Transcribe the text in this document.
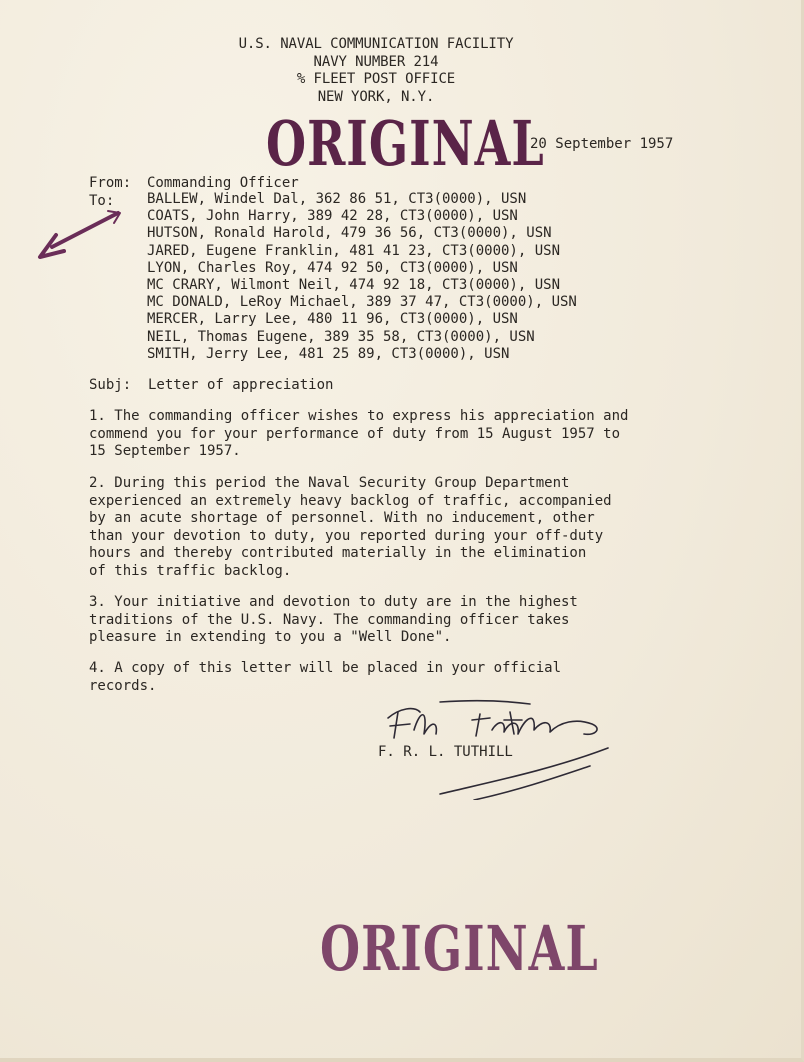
U.S. NAVAL COMMUNICATION FACILITY
NAVY NUMBER 214
% FLEET POST OFFICE
NEW YORK, N.Y.
ORIGINAL
20 September 1957
From: Commanding Officer
To: BALLEW, Windel Dal, 362 86 51, CT3(0000), USN
COATS, John Harry, 389 42 28, CT3(0000), USN
HUTSON, Ronald Harold, 479 36 56, CT3(0000), USN
JARED, Eugene Franklin, 481 41 23, CT3(0000), USN
LYON, Charles Roy, 474 92 50, CT3(0000), USN
MC CRARY, Wilmont Neil, 474 92 18, CT3(0000), USN
MC DONALD, LeRoy Michael, 389 37 47, CT3(0000), USN
MERCER, Larry Lee, 480 11 96, CT3(0000), USN
NEIL, Thomas Eugene, 389 35 58, CT3(0000), USN
SMITH, Jerry Lee, 481 25 89, CT3(0000), USN
Subj: Letter of appreciation
1. The commanding officer wishes to express his appreciation and
commend you for your performance of duty from 15 August 1957 to
15 September 1957.
2. During this period the Naval Security Group Department
experienced an extremely heavy backlog of traffic, accompanied
by an acute shortage of personnel. With no inducement, other
than your devotion to duty, you reported during your off-duty
hours and thereby contributed materially in the elimination
of this traffic backlog.
3. Your initiative and devotion to duty are in the highest
traditions of the U.S. Navy. The commanding officer takes
pleasure in extending to you a "Well Done".
4. A copy of this letter will be placed in your official
records.
F. R. L. TUTHILL
ORIGINAL
